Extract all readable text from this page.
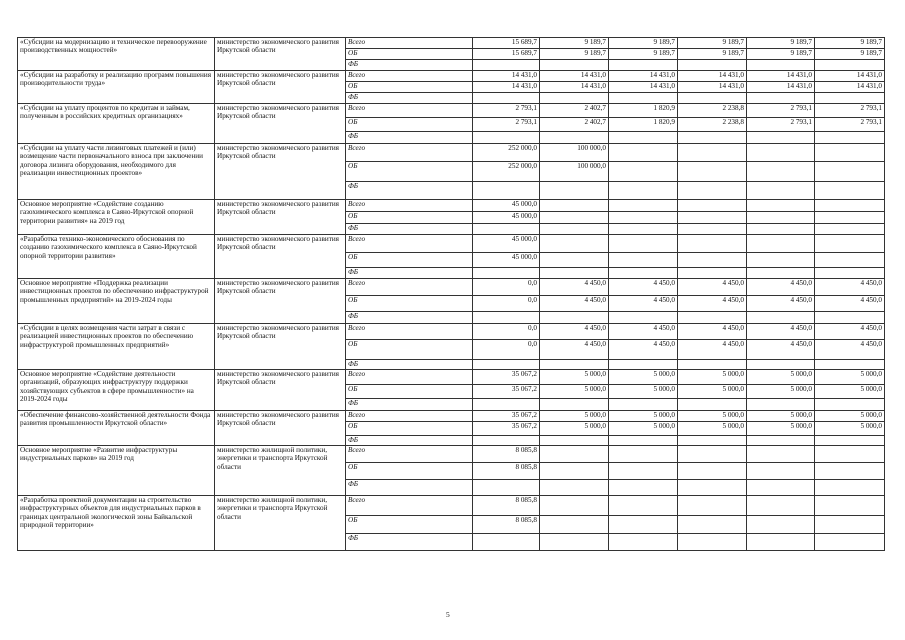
«Субсидии на модернизацию и техническое перевооружение производственных мощностей»	министерство экономического развития Иркутской области	Всего	15 689,7	9 189,7	9 189,7	9 189,7	9 189,7	9 189,7
		ОБ	15 689,7	9 189,7	9 189,7	9 189,7	9 189,7	9 189,7
		ФБ						
«Субсидии на разработку и реализацию программ повышения производительности труда»	министерство экономического развития Иркутской области	Всего	14 431,0	14 431,0	14 431,0	14 431,0	14 431,0	14 431,0
		ОБ	14 431,0	14 431,0	14 431,0	14 431,0	14 431,0	14 431,0
		ФБ						
«Субсидии на уплату процентов по кредитам и займам, полученным в российских кредитных организациях»	министерство экономического развития Иркутской области	Всего	2 793,1	2 402,7	1 820,9	2 238,8	2 793,1	2 793,1
		ОБ	2 793,1	2 402,7	1 820,9	2 238,8	2 793,1	2 793,1
		ФБ						
«Субсидии на уплату части лизинговых платежей и (или) возмещение части первоначального взноса при заключении договора лизинга оборудования, необходимого для реализации инвестиционных проектов»	министерство экономического развития Иркутской области	Всего	252 000,0	100 000,0				
		ОБ	252 000,0	100 000,0				
		ФБ						
Основное мероприятие «Содействие созданию газохимического комплекса в Саяно-Иркутской опорной территории развития» на 2019 год	министерство экономического развития Иркутской области	Всего	45 000,0					
		ОБ	45 000,0					
		ФБ						
«Разработка технико-экономического обоснования по созданию газохимического комплекса в Саяно-Иркутской опорной территории развития»	министерство экономического развития Иркутской области	Всего	45 000,0					
		ОБ	45 000,0					
		ФБ						
Основное мероприятие «Поддержка реализации инвестиционных проектов по обеспечению инфраструктурой промышленных предприятий» на 2019-2024 годы	министерство экономического развития Иркутской области	Всего	0,0	4 450,0	4 450,0	4 450,0	4 450,0	4 450,0
		ОБ	0,0	4 450,0	4 450,0	4 450,0	4 450,0	4 450,0
		ФБ						
«Субсидии в целях возмещения части затрат в связи с реализацией инвестиционных проектов по обеспечению инфраструктурой промышленных предприятий»	министерство экономического развития Иркутской области	Всего	0,0	4 450,0	4 450,0	4 450,0	4 450,0	4 450,0
		ОБ	0,0	4 450,0	4 450,0	4 450,0	4 450,0	4 450,0
		ФБ						
Основное мероприятие «Содействие деятельности организаций, образующих инфраструктуру поддержки хозяйствующих субъектов в сфере промышленности» на 2019-2024 годы	министерство экономического развития Иркутской области	Всего	35 067,2	5 000,0	5 000,0	5 000,0	5 000,0	5 000,0
		ОБ	35 067,2	5 000,0	5 000,0	5 000,0	5 000,0	5 000,0
		ФБ						
«Обеспечение финансово-хозяйственной деятельности Фонда развития промышленности Иркутской области»	министерство экономического развития Иркутской области	Всего	35 067,2	5 000,0	5 000,0	5 000,0	5 000,0	5 000,0
		ОБ	35 067,2	5 000,0	5 000,0	5 000,0	5 000,0	5 000,0
		ФБ						
Основное мероприятие «Развитие инфраструктуры индустриальных парков» на 2019 год	министерство жилищной политики, энергетики и транспорта Иркутской области	Всего	8 085,8					
		ОБ	8 085,8					
		ФБ						
«Разработка проектной документации на строительство инфраструктурных объектов для индустриальных парков в границах центральной экологической зоны Байкальской природной территории»	министерство жилищной политики, энергетики и транспорта Иркутской области	Всего	8 085,8					
		ОБ	8 085,8					
		ФБ						
5
